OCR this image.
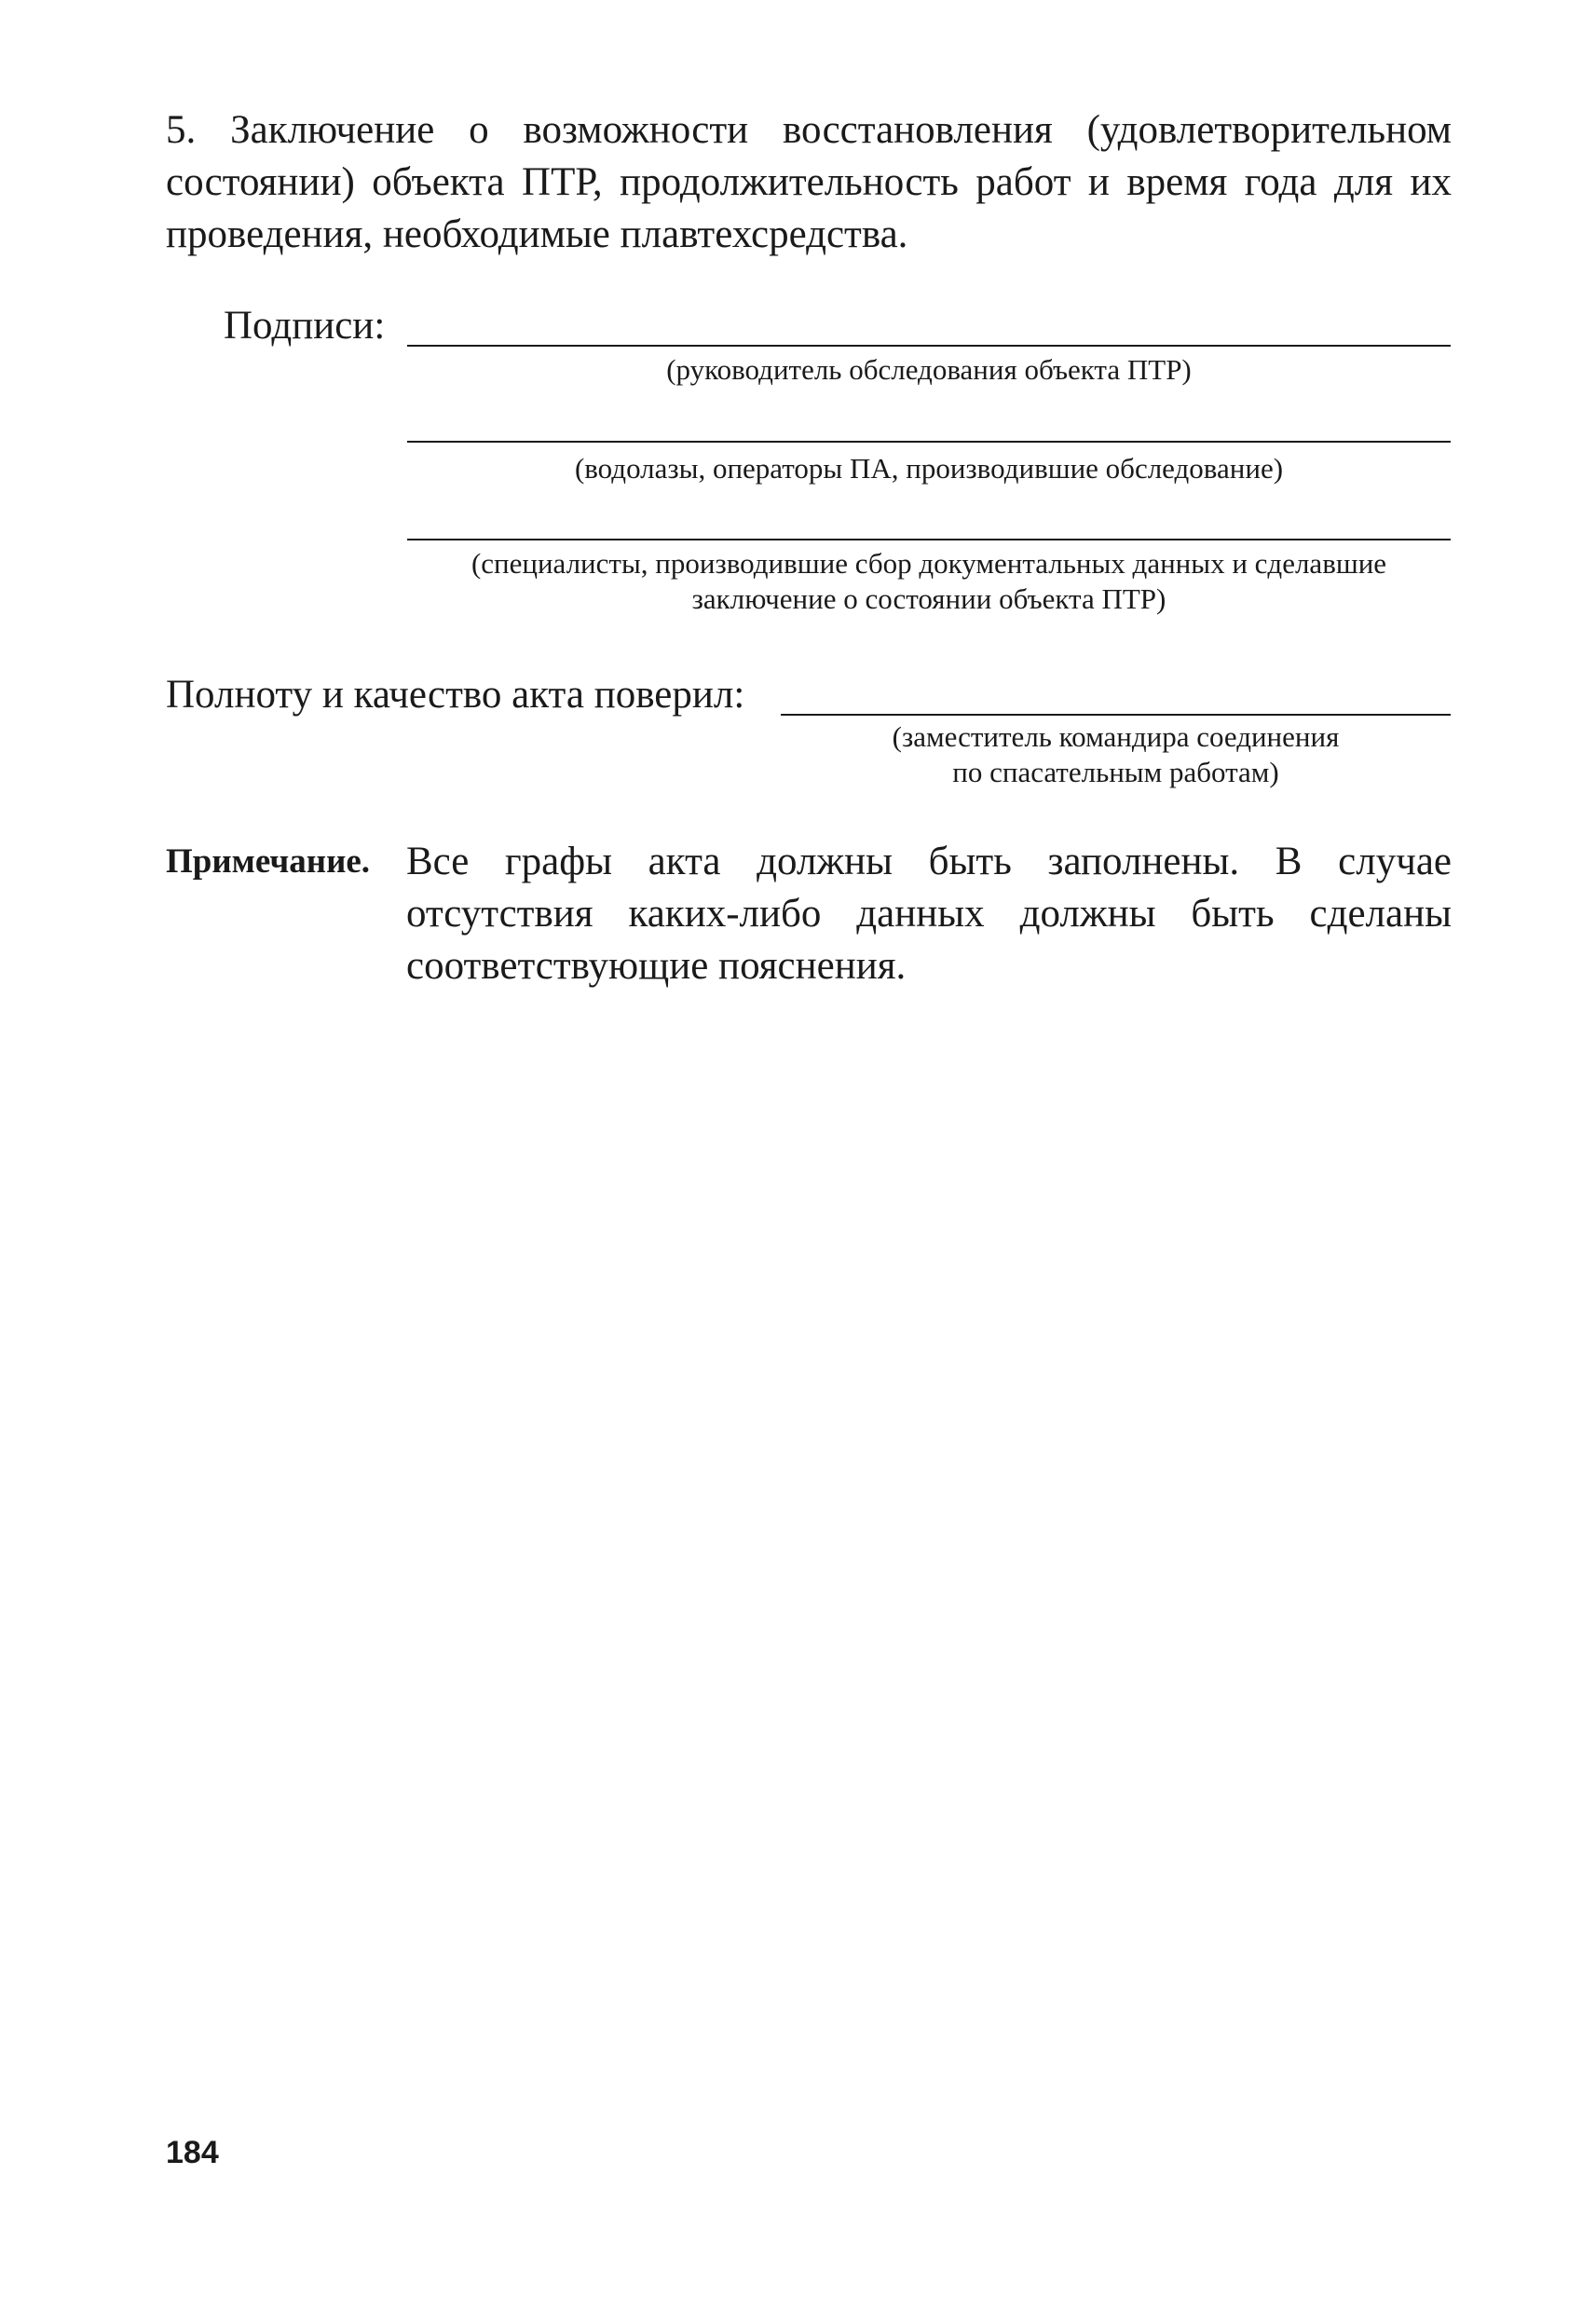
5. Заключение о возможности восстановления (удовлетворительном состоянии) объекта ПТР, продолжительность работ и время года для их проведения, необходимые плавтехсредства.

Подписи:
(руководитель обследования объекта ПТР)
(водолазы, операторы ПА, производившие обследование)
(специалисты, производившие сбор документальных данных и сделавшие
заключение о состоянии объекта ПТР)
Полноту и качество акта поверил:
(заместитель командира соединения
по спасательным работам)
Примечание. Все графы акта должны быть заполнены. В случае отсутствия каких-либо данных должны быть сделаны соответствующие пояснения.

184
